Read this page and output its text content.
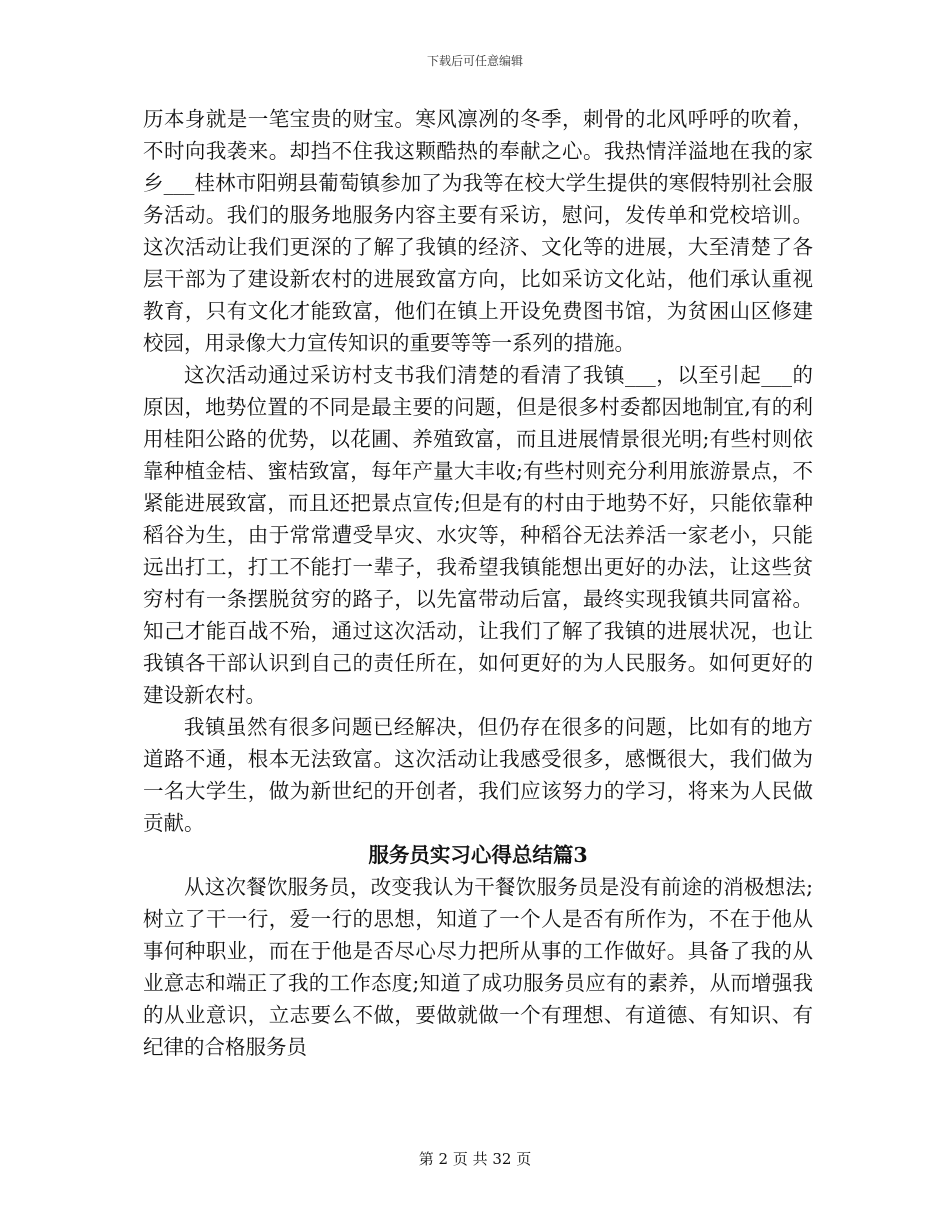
下载后可任意编辑

历本身就是一笔宝贵的财宝。寒风凛冽的冬季，刺骨的北风呼呼的吹着，不时向我袭来。却挡不住我这颗酷热的奉献之心。我热情洋溢地在我的家乡___桂林市阳朔县葡萄镇参加了为我等在校大学生提供的寒假特别社会服务活动。我们的服务地服务内容主要有采访，慰问，发传单和党校培训。这次活动让我们更深的了解了我镇的经济、文化等的进展，大至清楚了各层干部为了建设新农村的进展致富方向，比如采访文化站，他们承认重视教育，只有文化才能致富，他们在镇上开设免费图书馆，为贫困山区修建校园，用录像大力宣传知识的重要等等一系列的措施。

这次活动通过采访村支书我们清楚的看清了我镇___，以至引起___的原因，地势位置的不同是最主要的问题，但是很多村委都因地制宜,有的利用桂阳公路的优势，以花圃、养殖致富，而且进展情景很光明;有些村则依靠种植金桔、蜜桔致富，每年产量大丰收;有些村则充分利用旅游景点，不紧能进展致富，而且还把景点宣传;但是有的村由于地势不好，只能依靠种稻谷为生，由于常常遭受旱灾、水灾等，种稻谷无法养活一家老小，只能远出打工，打工不能打一辈子，我希望我镇能想出更好的办法，让这些贫穷村有一条摆脱贫穷的路子，以先富带动后富，最终实现我镇共同富裕。知己才能百战不殆，通过这次活动，让我们了解了我镇的进展状况，也让我镇各干部认识到自己的责任所在，如何更好的为人民服务。如何更好的建设新农村。

我镇虽然有很多问题已经解决，但仍存在很多的问题，比如有的地方道路不通，根本无法致富。这次活动让我感受很多，感慨很大，我们做为一名大学生，做为新世纪的开创者，我们应该努力的学习，将来为人民做贡献。

服务员实习心得总结篇3

从这次餐饮服务员，改变我认为干餐饮服务员是没有前途的消极想法;树立了干一行，爱一行的思想，知道了一个人是否有所作为，不在于他从事何种职业，而在于他是否尽心尽力把所从事的工作做好。具备了我的从业意志和端正了我的工作态度;知道了成功服务员应有的素养，从而增强我的从业意识，立志要么不做，要做就做一个有理想、有道德、有知识、有纪律的合格服务员

第 2 页 共 32 页
